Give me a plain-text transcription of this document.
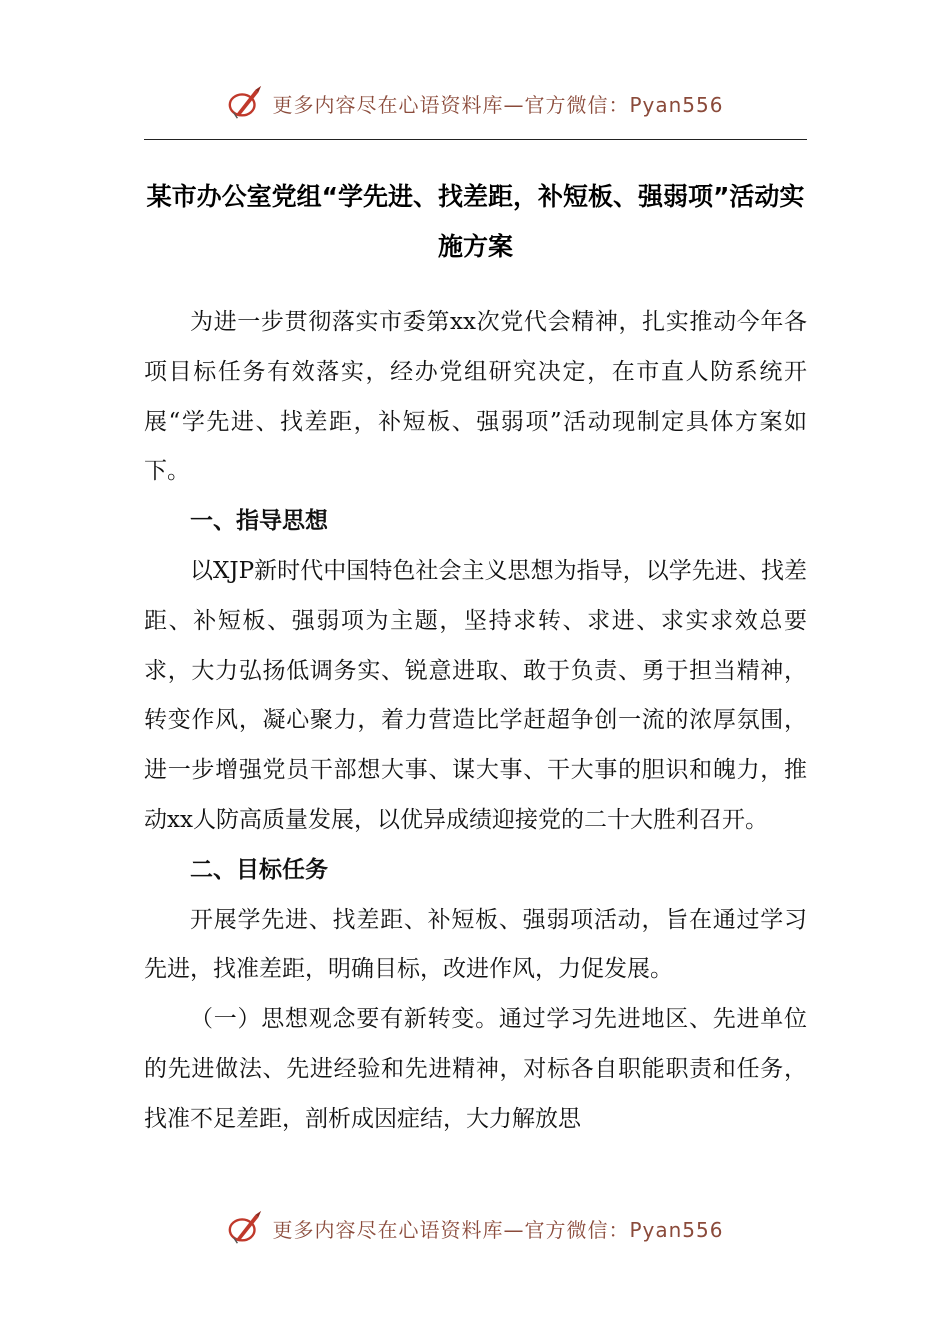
更多内容尽在心语资料库—官方微信：Pyan556
某市办公室党组“学先进、找差距，补短板、强弱项”活动实施方案

为进一步贯彻落实市委第xx次党代会精神，扎实推动今年各项目标任务有效落实，经办党组研究决定，在市直人防系统开展“学先进、找差距，补短板、强弱项”活动现制定具体方案如下。

一、指导思想

以XJP新时代中国特色社会主义思想为指导，以学先进、找差距、补短板、强弱项为主题，坚持求转、求进、求实求效总要求，大力弘扬低调务实、锐意进取、敢于负责、勇于担当精神，转变作风，凝心聚力，着力营造比学赶超争创一流的浓厚氛围，进一步增强党员干部想大事、谋大事、干大事的胆识和魄力，推动xx人防高质量发展，以优异成绩迎接党的二十大胜利召开。

二、目标任务

开展学先进、找差距、补短板、强弱项活动，旨在通过学习先进，找准差距，明确目标，改进作风，力促发展。

（一）思想观念要有新转变。通过学习先进地区、先进单位的先进做法、先进经验和先进精神，对标各自职能职责和任务，找准不足差距，剖析成因症结，大力解放思

更多内容尽在心语资料库—官方微信：Pyan556
